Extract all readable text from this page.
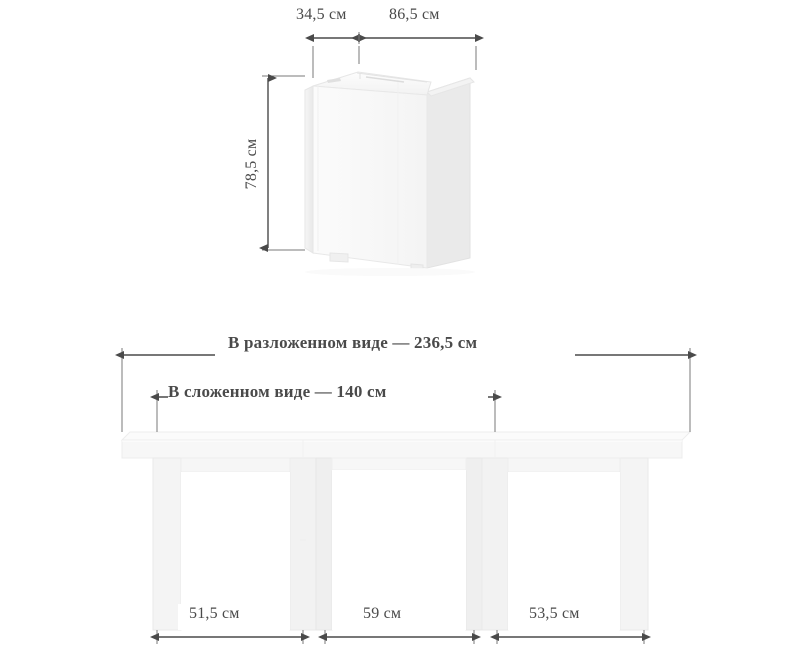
34,5 см	86,5 см
78,5 см
В разложенном виде — 236,5 см
В сложенном виде — 140 см
51,5 см	59 см	53,5 см
